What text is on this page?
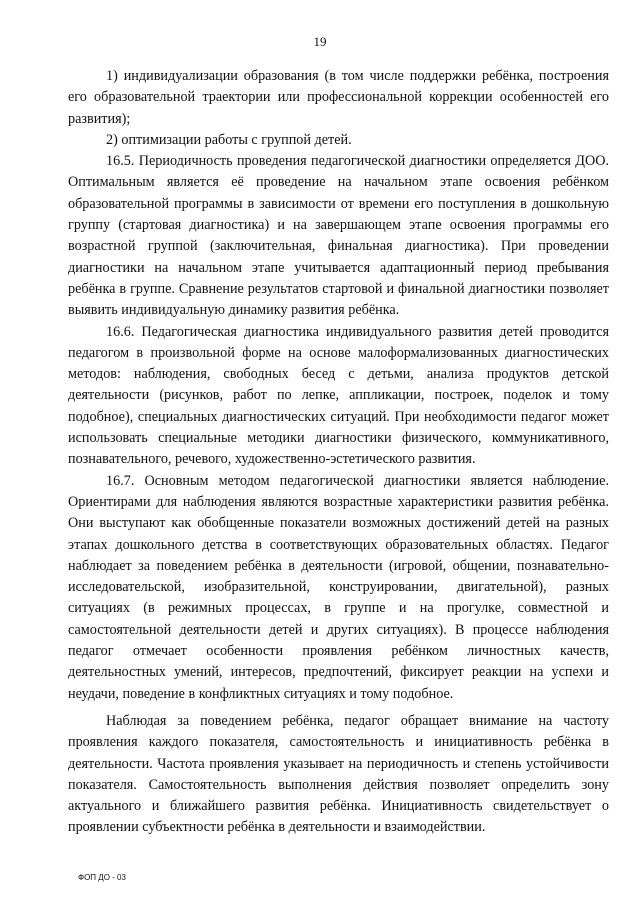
19

1) индивидуализации образования (в том числе поддержки ребёнка, построения его образовательной траектории или профессиональной коррекции особенностей его развития);

2) оптимизации работы с группой детей.

16.5. Периодичность проведения педагогической диагностики определяется ДОО. Оптимальным является её проведение на начальном этапе освоения ребёнком образовательной программы в зависимости от времени его поступления в дошкольную группу (стартовая диагностика) и на завершающем этапе освоения программы его возрастной группой (заключительная, финальная диагностика). При проведении диагностики на начальном этапе учитывается адаптационный период пребывания ребёнка в группе. Сравнение результатов стартовой и финальной диагностики позволяет выявить индивидуальную динамику развития ребёнка.

16.6. Педагогическая диагностика индивидуального развития детей проводится педагогом в произвольной форме на основе малоформализованных диагностических методов: наблюдения, свободных бесед с детьми, анализа продуктов детской деятельности (рисунков, работ по лепке, аппликации, построек, поделок и тому подобное), специальных диагностических ситуаций. При необходимости педагог может использовать специальные методики диагностики физического, коммуникативного, познавательного, речевого, художественно-эстетического развития.

16.7. Основным методом педагогической диагностики является наблюдение. Ориентирами для наблюдения являются возрастные характеристики развития ребёнка. Они выступают как обобщенные показатели возможных достижений детей на разных этапах дошкольного детства в соответствующих образовательных областях. Педагог наблюдает за поведением ребёнка в деятельности (игровой, общении, познавательно-исследовательской, изобразительной, конструировании, двигательной), разных ситуациях (в режимных процессах, в группе и на прогулке, совместной и самостоятельной деятельности детей и других ситуациях). В процессе наблюдения педагог отмечает особенности проявления ребёнком личностных качеств, деятельностных умений, интересов, предпочтений, фиксирует реакции на успехи и неудачи, поведение в конфликтных ситуациях и тому подобное.

Наблюдая за поведением ребёнка, педагог обращает внимание на частоту проявления каждого показателя, самостоятельность и инициативность ребёнка в деятельности. Частота проявления указывает на периодичность и степень устойчивости показателя. Самостоятельность выполнения действия позволяет определить зону актуального и ближайшего развития ребёнка. Инициативность свидетельствует о проявлении субъектности ребёнка в деятельности и взаимодействии.

ФОП ДО - 03
